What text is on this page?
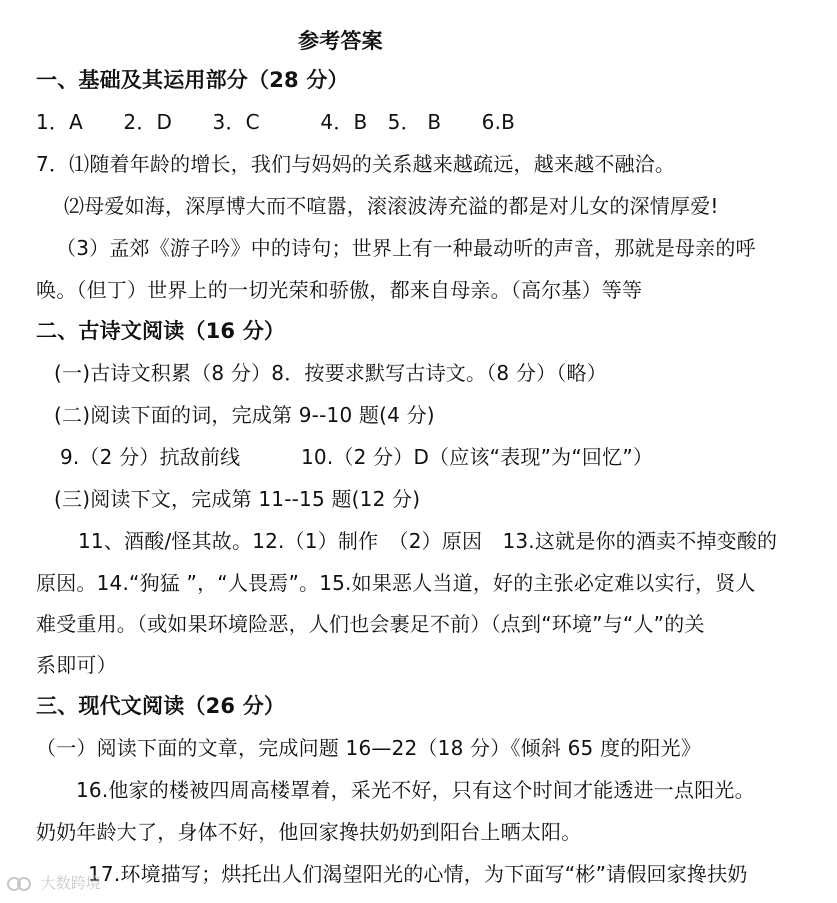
参考答案
一、基础及其运用部分（28 分）
1．A　　2．D　　3．C　　　4．B　5． B　　6.B
7．⑴随着年龄的增长，我们与妈妈的关系越来越疏远，越来越不融洽。
⑵母爱如海，深厚博大而不喧嚣，滚滚波涛充溢的都是对儿女的深情厚爱!
（3）孟郊《游子吟》中的诗句；世界上有一种最动听的声音，那就是母亲的呼
唤。（但丁）世界上的一切光荣和骄傲，都来自母亲。（高尔基）等等
二、古诗文阅读（16 分）
(一)古诗文积累（8 分）8．按要求默写古诗文。（8 分）（略）
(二)阅读下面的词，完成第 9--10 题(4 分)
9.（2 分）抗敌前线　　　10.（2 分）D（应该“表现”为“回忆”）
(三)阅读下文，完成第 11--15 题(12 分)
11、酒酸/怪其故。12.（1）制作　（2）原因　13.这就是你的酒卖不掉变酸的
原因。14.“狗猛 ”，“人畏焉”。15.如果恶人当道，好的主张必定难以实行，贤人
难受重用。（或如果环境险恶，人们也会裹足不前）（点到“环境”与“人”的关
系即可）
三、现代文阅读（26 分）
（一）阅读下面的文章，完成问题 16—22（18 分）《倾斜 65 度的阳光》
16.他家的楼被四周高楼罩着，采光不好，只有这个时间才能透进一点阳光。
奶奶年龄大了，身体不好，他回家搀扶奶奶到阳台上晒太阳。
17.环境描写；烘托出人们渴望阳光的心情，为下面写“彬”请假回家搀扶奶
大数跨境
